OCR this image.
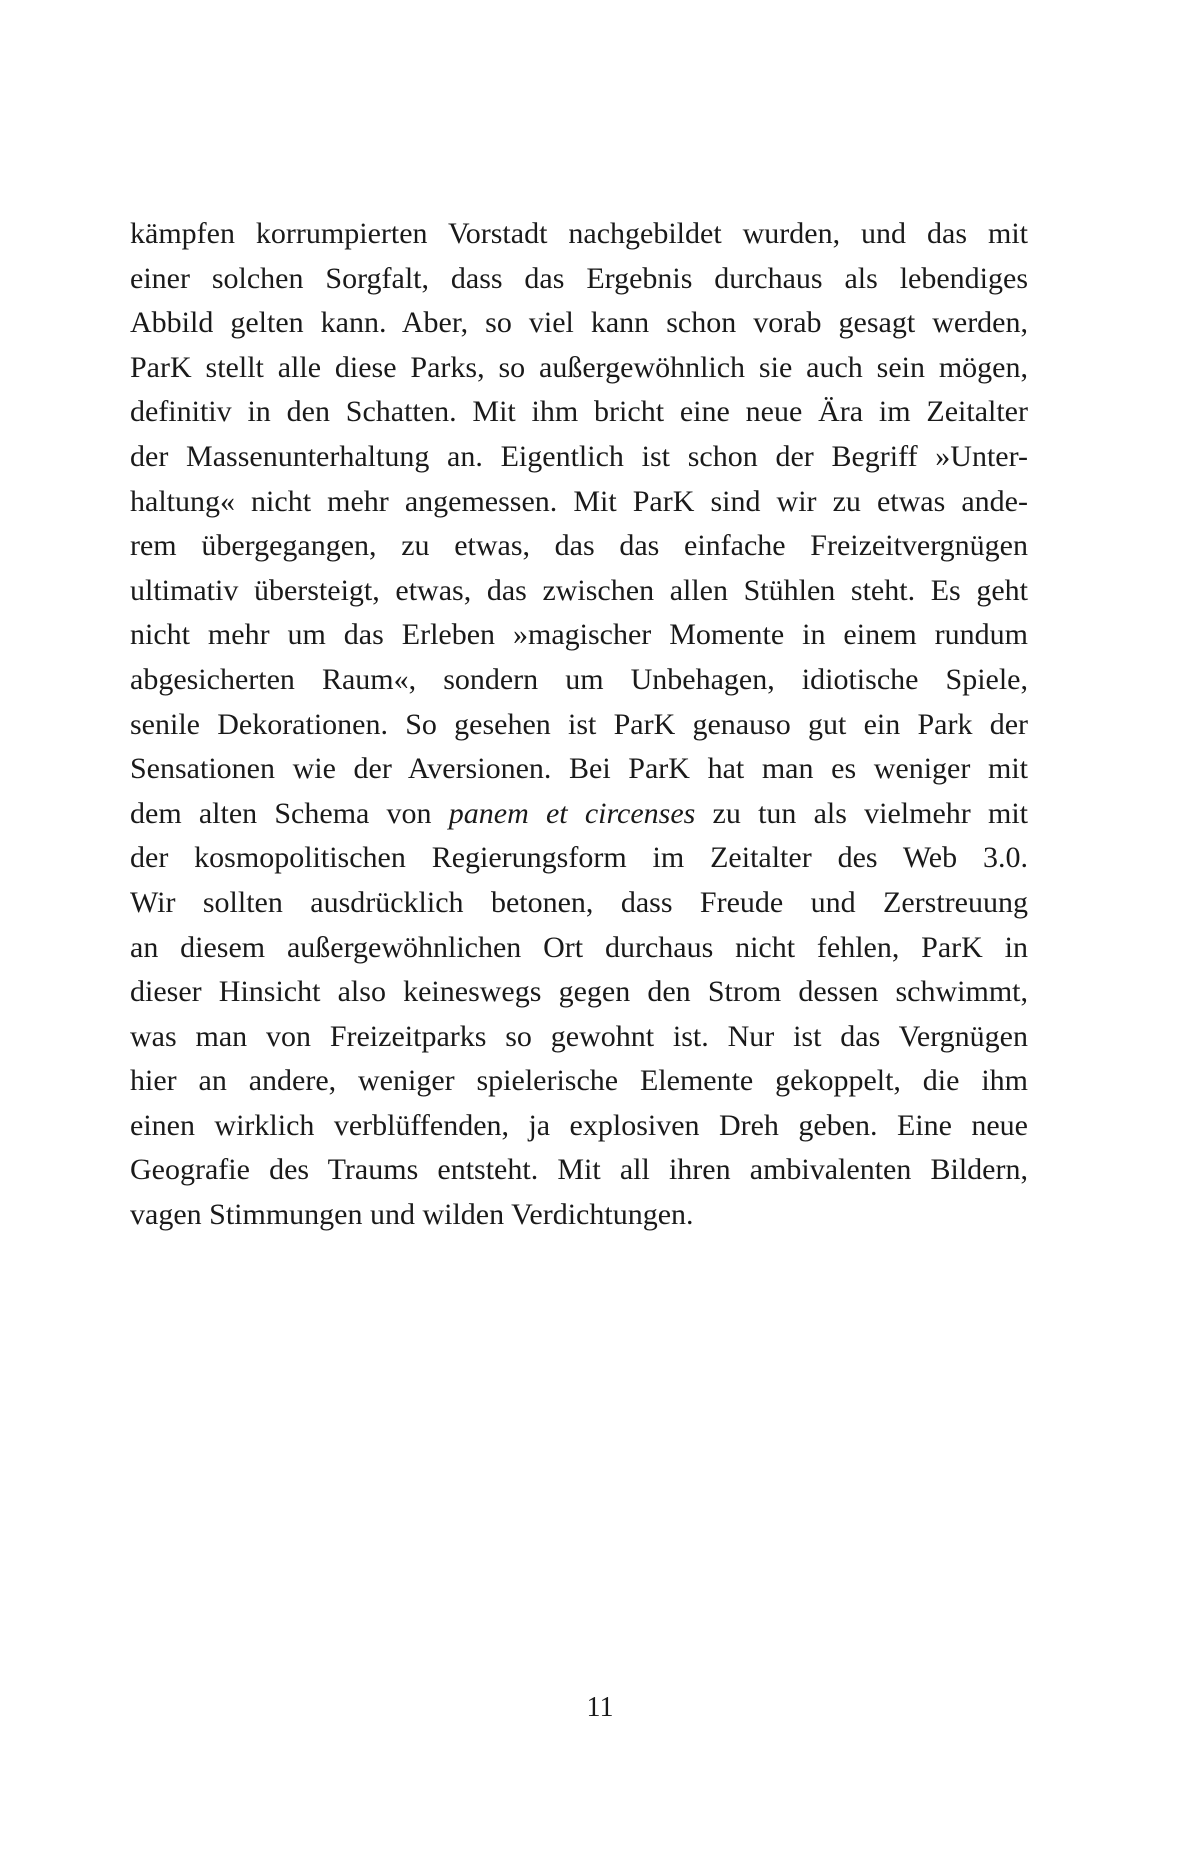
kämpfen korrumpierten Vorstadt nachgebildet wurden, und das mit
einer solchen Sorgfalt, dass das Ergebnis durchaus als lebendiges
Abbild gelten kann. Aber, so viel kann schon vorab gesagt werden,
ParK stellt alle diese Parks, so außergewöhnlich sie auch sein mögen,
definitiv in den Schatten. Mit ihm bricht eine neue Ära im Zeitalter
der Massenunterhaltung an. Eigentlich ist schon der Begriff »Unter-
haltung« nicht mehr angemessen. Mit ParK sind wir zu etwas ande-
rem übergegangen, zu etwas, das das einfache Freizeitvergnügen
ultimativ übersteigt, etwas, das zwischen allen Stühlen steht. Es geht
nicht mehr um das Erleben »magischer Momente in einem rundum
abgesicherten Raum«, sondern um Unbehagen, idiotische Spiele,
senile Dekorationen. So gesehen ist ParK genauso gut ein Park der
Sensationen wie der Aversionen. Bei ParK hat man es weniger mit
dem alten Schema von panem et circenses zu tun als vielmehr mit
der kosmopolitischen Regierungsform im Zeitalter des Web 3.0.
Wir sollten ausdrücklich betonen, dass Freude und Zerstreuung
an diesem außergewöhnlichen Ort durchaus nicht fehlen, ParK in
dieser Hinsicht also keineswegs gegen den Strom dessen schwimmt,
was man von Freizeitparks so gewohnt ist. Nur ist das Vergnügen
hier an andere, weniger spielerische Elemente gekoppelt, die ihm
einen wirklich verblüffenden, ja explosiven Dreh geben. Eine neue
Geografie des Traums entsteht. Mit all ihren ambivalenten Bildern,
vagen Stimmungen und wilden Verdichtungen.
11
